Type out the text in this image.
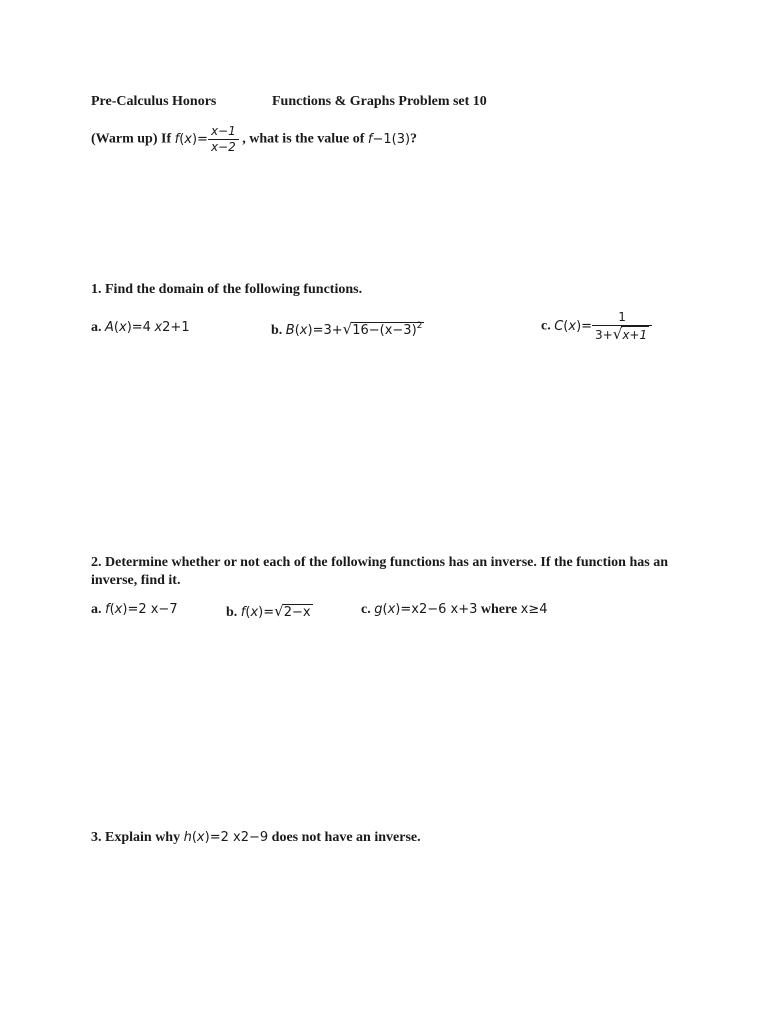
Pre-Calculus Honors	Functions & Graphs Problem set 10
(Warm up) If $f(x)= \frac{x-1}{x-2}$ , what is the value of f−1(3)?
1. Find the domain of the following functions.
a. A(x)=4 x2+1	b. $B(x)=3+√16-(x-3)^2$	c. $C(x)= \frac{1}{3+√x+1}$
2. Determine whether or not each of the following functions has an inverse. If the function has an
inverse, find it.
a. f(x)=2 x−7	b. f(x)=√2−x	c. g(x)=x2−6 x+3 where x≥4
3. Explain why h(x)=2 x2−9 does not have an inverse.
